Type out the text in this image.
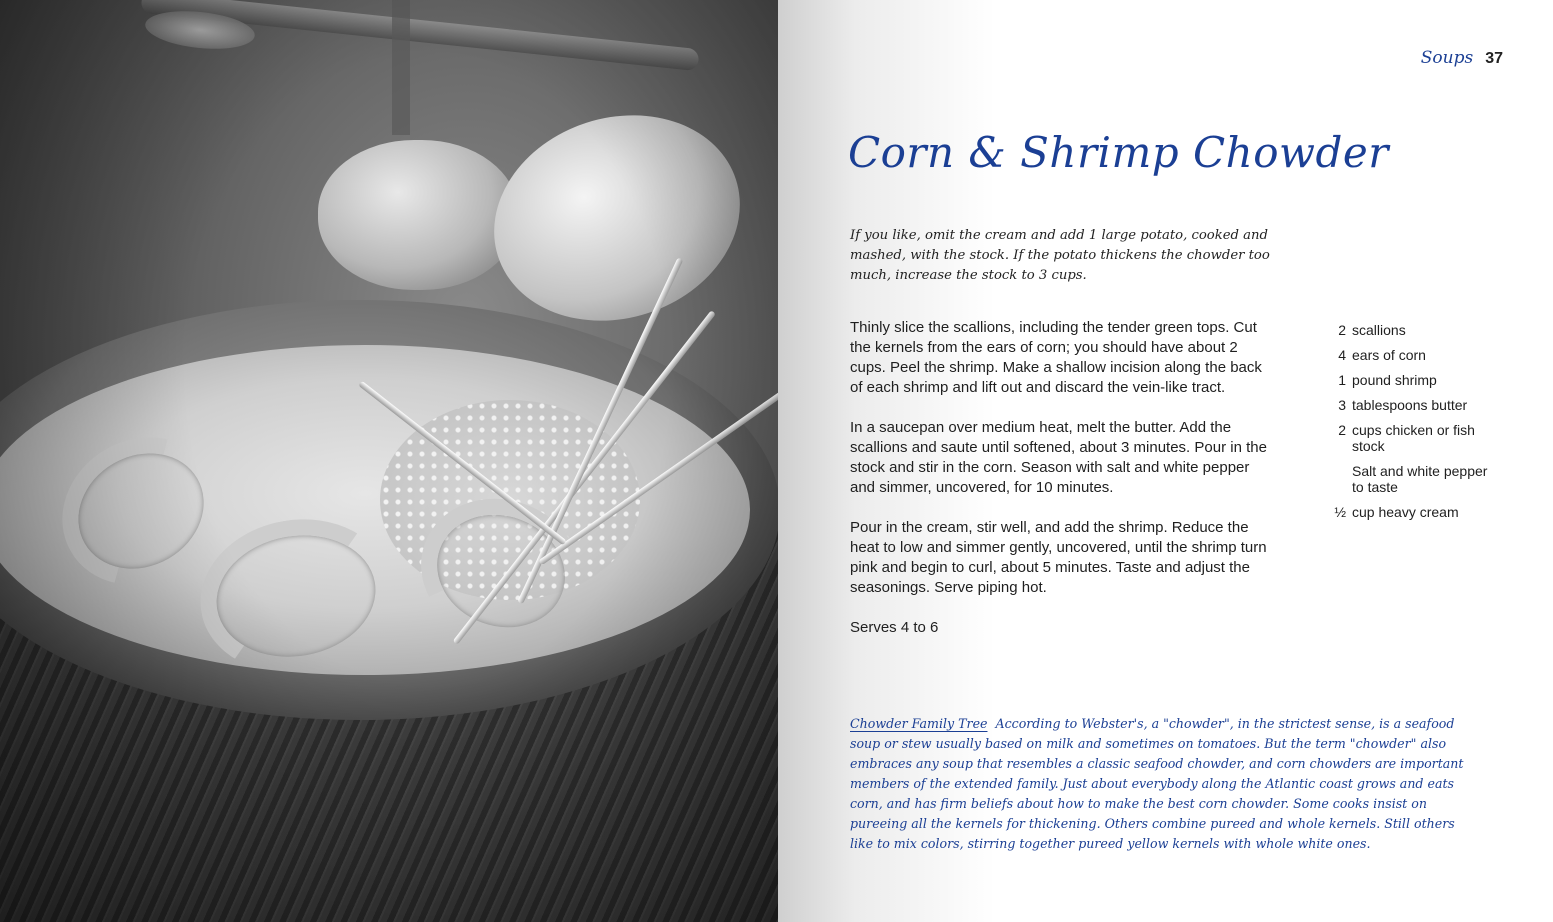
Soups 37
Corn & Shrimp Chowder

If you like, omit the cream and add 1 large potato, cooked and mashed, with the stock. If the potato thickens the chowder too much, increase the stock to 3 cups.

Thinly slice the scallions, including the tender green tops. Cut the kernels from the ears of corn; you should have about 2 cups. Peel the shrimp. Make a shallow incision along the back of each shrimp and lift out and discard the vein-like tract.

In a saucepan over medium heat, melt the butter. Add the scallions and saute until softened, about 3 minutes. Pour in the stock and stir in the corn. Season with salt and white pepper and simmer, uncovered, for 10 minutes.

Pour in the cream, stir well, and add the shrimp. Reduce the heat to low and simmer gently, uncovered, until the shrimp turn pink and begin to curl, about 5 minutes. Taste and adjust the seasonings. Serve piping hot.

Serves 4 to 6

2 scallions
4 ears of corn
1 pound shrimp
3 tablespoons butter
2 cups chicken or fish stock
Salt and white pepper to taste
½ cup heavy cream

Chowder Family Tree According to Webster's, a "chowder", in the strictest sense, is a seafood soup or stew usually based on milk and sometimes on tomatoes. But the term "chowder" also embraces any soup that resembles a classic seafood chowder, and corn chowders are important members of the extended family. Just about everybody along the Atlantic coast grows and eats corn, and has firm beliefs about how to make the best corn chowder. Some cooks insist on pureeing all the kernels for thickening. Others combine pureed and whole kernels. Still others like to mix colors, stirring together pureed yellow kernels with whole white ones.
